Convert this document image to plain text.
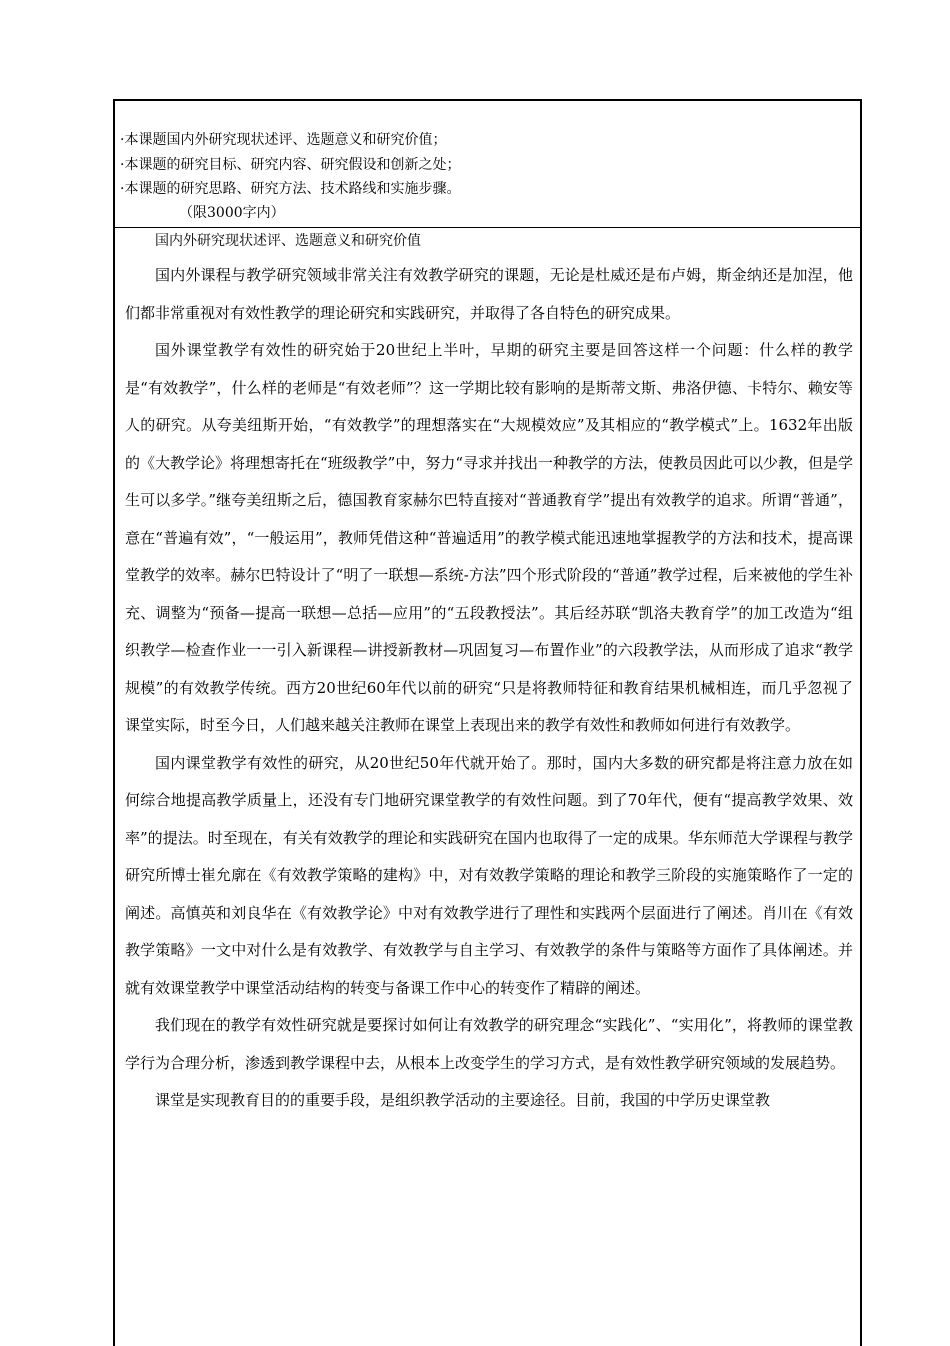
·本课题国内外研究现状述评、选题意义和研究价值；
·本课题的研究目标、研究内容、研究假设和创新之处；
·本课题的研究思路、研究方法、技术路线和实施步骤。
（限3000字内）

国内外研究现状述评、选题意义和研究价值

国内外课程与教学研究领域非常关注有效教学研究的课题，无论是杜威还是布卢姆，斯金纳还是加涅，他们都非常重视对有效性教学的理论研究和实践研究，并取得了各自特色的研究成果。

国外课堂教学有效性的研究始于20世纪上半叶，早期的研究主要是回答这样一个问题：什么样的教学是“有效教学”，什么样的老师是“有效老师”？这一学期比较有影响的是斯蒂文斯、弗洛伊德、卡特尔、赖安等人的研究。从夸美纽斯开始，“有效教学”的理想落实在“大规模效应”及其相应的“教学模式”上。1632年出版的《大教学论》将理想寄托在“班级教学”中，努力“寻求并找出一种教学的方法，使教员因此可以少教，但是学生可以多学。”继夸美纽斯之后，德国教育家赫尔巴特直接对“普通教育学”提出有效教学的追求。所谓“普通”，意在“普遍有效”，“一般运用”，教师凭借这种“普遍适用”的教学模式能迅速地掌握教学的方法和技术，提高课堂教学的效率。赫尔巴特设计了“明了一联想—系统-方法”四个形式阶段的“普通”教学过程，后来被他的学生补充、调整为“预备—提高一联想—总括—应用”的“五段教授法”。其后经苏联“凯洛夫教育学”的加工改造为“组织教学—检查作业一一引入新课程—讲授新教材—巩固复习—布置作业”的六段教学法，从而形成了追求“教学规模”的有效教学传统。西方20世纪60年代以前的研究“只是将教师特征和教育结果机械相连，而几乎忽视了课堂实际，时至今日，人们越来越关注教师在课堂上表现出来的教学有效性和教师如何进行有效教学。

国内课堂教学有效性的研究，从20世纪50年代就开始了。那时，国内大多数的研究都是将注意力放在如何综合地提高教学质量上，还没有专门地研究课堂教学的有效性问题。到了70年代，便有“提高教学效果、效率”的提法。时至现在，有关有效教学的理论和实践研究在国内也取得了一定的成果。华东师范大学课程与教学研究所博士崔允廓在《有效教学策略的建构》中，对有效教学策略的理论和教学三阶段的实施策略作了一定的阐述。高慎英和刘良华在《有效教学论》中对有效教学进行了理性和实践两个层面进行了阐述。肖川在《有效教学策略》一文中对什么是有效教学、有效教学与自主学习、有效教学的条件与策略等方面作了具体阐述。并就有效课堂教学中课堂活动结构的转变与备课工作中心的转变作了精辟的阐述。

我们现在的教学有效性研究就是要探讨如何让有效教学的研究理念“实践化”、“实用化”，将教师的课堂教学行为合理分析，渗透到教学课程中去，从根本上改变学生的学习方式，是有效性教学研究领域的发展趋势。

课堂是实现教育目的的重要手段，是组织教学活动的主要途径。目前，我国的中学历史课堂教
